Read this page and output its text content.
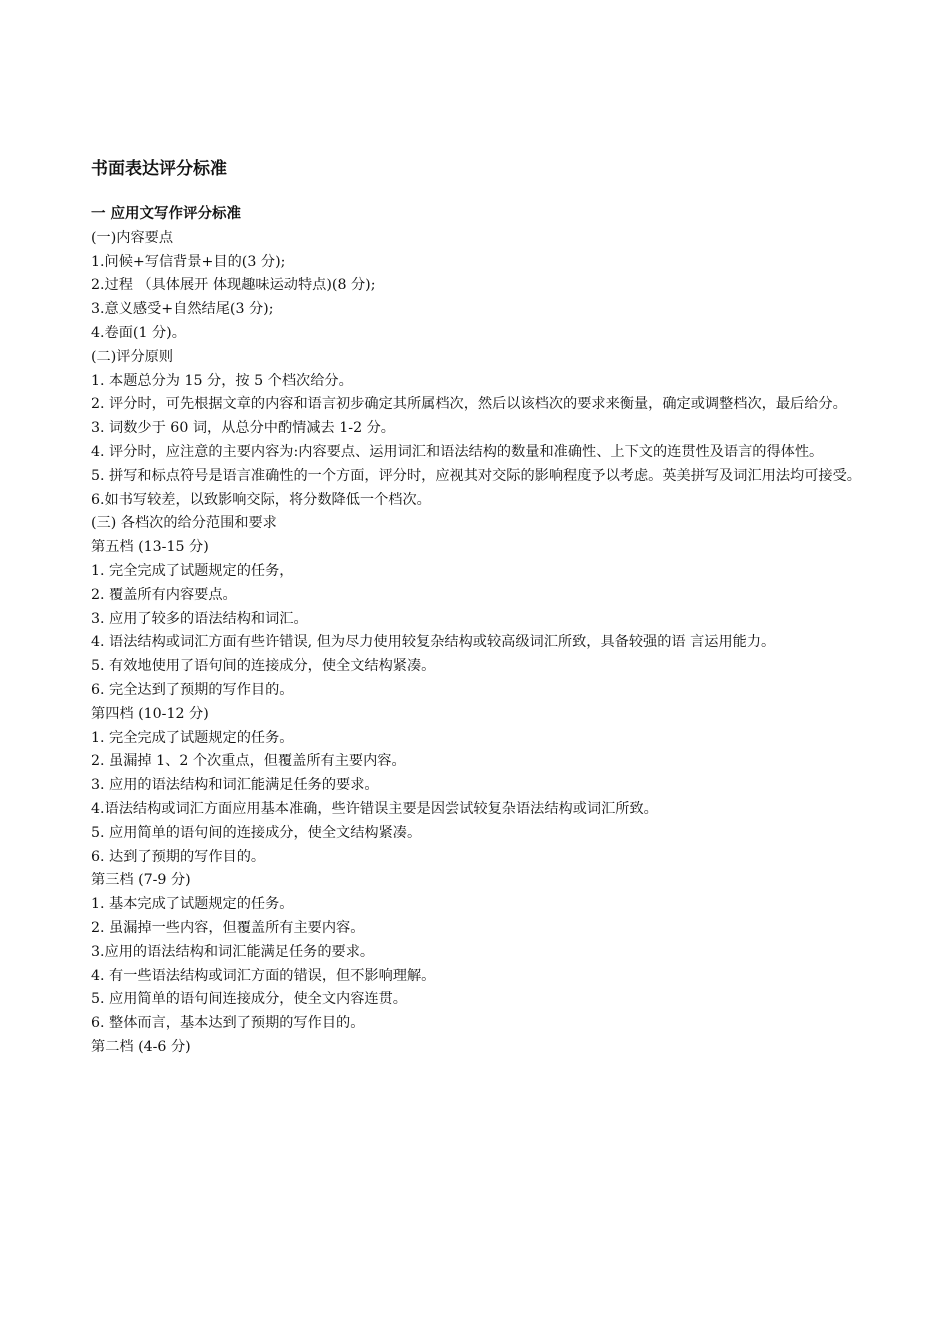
书面表达评分标准

一 应用文写作评分标准

(一)内容要点

1.问候+写信背景+目的(3 分);

2.过程 （具体展开 体现趣味运动特点)(8 分);

3.意义感受+自然结尾(3 分);

4.卷面(1 分)。

(二)评分原则

1. 本题总分为 15 分，按 5 个档次给分。

2. 评分时，可先根据文章的内容和语言初步确定其所属档次，然后以该档次的要求来衡量，确定或调整档次，最后给分。

3. 词数少于 60 词，从总分中酌情减去 1-2 分。

4. 评分时，应注意的主要内容为:内容要点、运用词汇和语法结构的数量和准确性、上下文的连贯性及语言的得体性。

5. 拼写和标点符号是语言准确性的一个方面，评分时，应视其对交际的影响程度予以考虑。英美拼写及词汇用法均可接受。

6.如书写较差，以致影响交际，将分数降低一个档次。

(三) 各档次的给分范围和要求

第五档 (13-15 分)

1. 完全完成了试题规定的任务，

2. 覆盖所有内容要点。

3. 应用了较多的语法结构和词汇。

4. 语法结构或词汇方面有些许错误, 但为尽力使用较复杂结构或较高级词汇所致，具备较强的语 言运用能力。

5. 有效地使用了语句间的连接成分，使全文结构紧凑。

6. 完全达到了预期的写作目的。

第四档 (10-12 分)

1. 完全完成了试题规定的任务。

2. 虽漏掉 1、2 个次重点，但覆盖所有主要内容。

3. 应用的语法结构和词汇能满足任务的要求。

4.语法结构或词汇方面应用基本准确，些许错误主要是因尝试较复杂语法结构或词汇所致。

5. 应用简单的语句间的连接成分，使全文结构紧凑。

6. 达到了预期的写作目的。

第三档 (7-9 分)

1. 基本完成了试题规定的任务。

2. 虽漏掉一些内容，但覆盖所有主要内容。

3.应用的语法结构和词汇能满足任务的要求。

4. 有一些语法结构或词汇方面的错误，但不影响理解。

5. 应用简单的语句间连接成分，使全文内容连贯。

6. 整体而言，基本达到了预期的写作目的。

第二档 (4-6 分)
